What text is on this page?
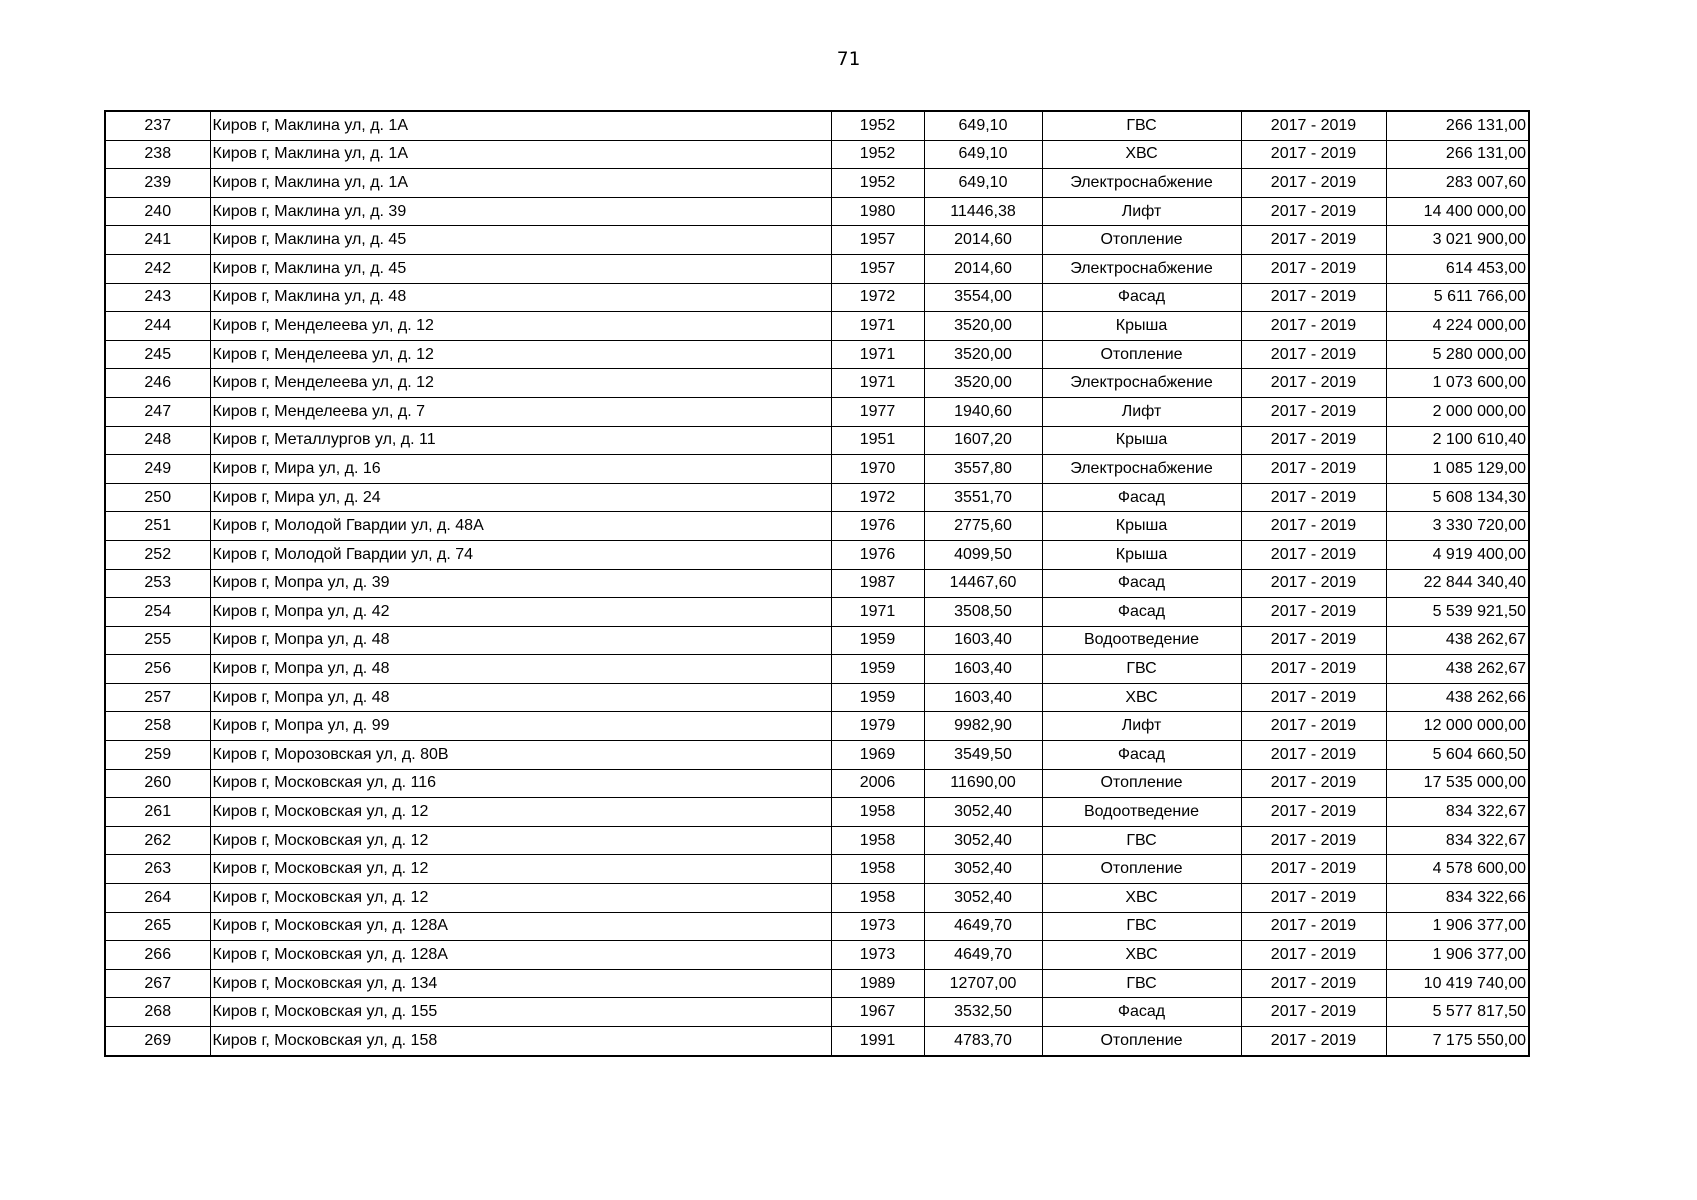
71
237	Киров г, Маклина ул, д. 1А	1952	649,10	ГВС	2017 - 2019	266 131,00
238	Киров г, Маклина ул, д. 1А	1952	649,10	ХВС	2017 - 2019	266 131,00
239	Киров г, Маклина ул, д. 1А	1952	649,10	Электроснабжение	2017 - 2019	283 007,60
240	Киров г, Маклина ул, д. 39	1980	11446,38	Лифт	2017 - 2019	14 400 000,00
241	Киров г, Маклина ул, д. 45	1957	2014,60	Отопление	2017 - 2019	3 021 900,00
242	Киров г, Маклина ул, д. 45	1957	2014,60	Электроснабжение	2017 - 2019	614 453,00
243	Киров г, Маклина ул, д. 48	1972	3554,00	Фасад	2017 - 2019	5 611 766,00
244	Киров г, Менделеева ул, д. 12	1971	3520,00	Крыша	2017 - 2019	4 224 000,00
245	Киров г, Менделеева ул, д. 12	1971	3520,00	Отопление	2017 - 2019	5 280 000,00
246	Киров г, Менделеева ул, д. 12	1971	3520,00	Электроснабжение	2017 - 2019	1 073 600,00
247	Киров г, Менделеева ул, д. 7	1977	1940,60	Лифт	2017 - 2019	2 000 000,00
248	Киров г, Металлургов ул, д. 11	1951	1607,20	Крыша	2017 - 2019	2 100 610,40
249	Киров г, Мира ул, д. 16	1970	3557,80	Электроснабжение	2017 - 2019	1 085 129,00
250	Киров г, Мира ул, д. 24	1972	3551,70	Фасад	2017 - 2019	5 608 134,30
251	Киров г, Молодой Гвардии ул, д. 48А	1976	2775,60	Крыша	2017 - 2019	3 330 720,00
252	Киров г, Молодой Гвардии ул, д. 74	1976	4099,50	Крыша	2017 - 2019	4 919 400,00
253	Киров г, Мопра ул, д. 39	1987	14467,60	Фасад	2017 - 2019	22 844 340,40
254	Киров г, Мопра ул, д. 42	1971	3508,50	Фасад	2017 - 2019	5 539 921,50
255	Киров г, Мопра ул, д. 48	1959	1603,40	Водоотведение	2017 - 2019	438 262,67
256	Киров г, Мопра ул, д. 48	1959	1603,40	ГВС	2017 - 2019	438 262,67
257	Киров г, Мопра ул, д. 48	1959	1603,40	ХВС	2017 - 2019	438 262,66
258	Киров г, Мопра ул, д. 99	1979	9982,90	Лифт	2017 - 2019	12 000 000,00
259	Киров г, Морозовская ул, д. 80В	1969	3549,50	Фасад	2017 - 2019	5 604 660,50
260	Киров г, Московская ул, д. 116	2006	11690,00	Отопление	2017 - 2019	17 535 000,00
261	Киров г, Московская ул, д. 12	1958	3052,40	Водоотведение	2017 - 2019	834 322,67
262	Киров г, Московская ул, д. 12	1958	3052,40	ГВС	2017 - 2019	834 322,67
263	Киров г, Московская ул, д. 12	1958	3052,40	Отопление	2017 - 2019	4 578 600,00
264	Киров г, Московская ул, д. 12	1958	3052,40	ХВС	2017 - 2019	834 322,66
265	Киров г, Московская ул, д. 128А	1973	4649,70	ГВС	2017 - 2019	1 906 377,00
266	Киров г, Московская ул, д. 128А	1973	4649,70	ХВС	2017 - 2019	1 906 377,00
267	Киров г, Московская ул, д. 134	1989	12707,00	ГВС	2017 - 2019	10 419 740,00
268	Киров г, Московская ул, д. 155	1967	3532,50	Фасад	2017 - 2019	5 577 817,50
269	Киров г, Московская ул, д. 158	1991	4783,70	Отопление	2017 - 2019	7 175 550,00
